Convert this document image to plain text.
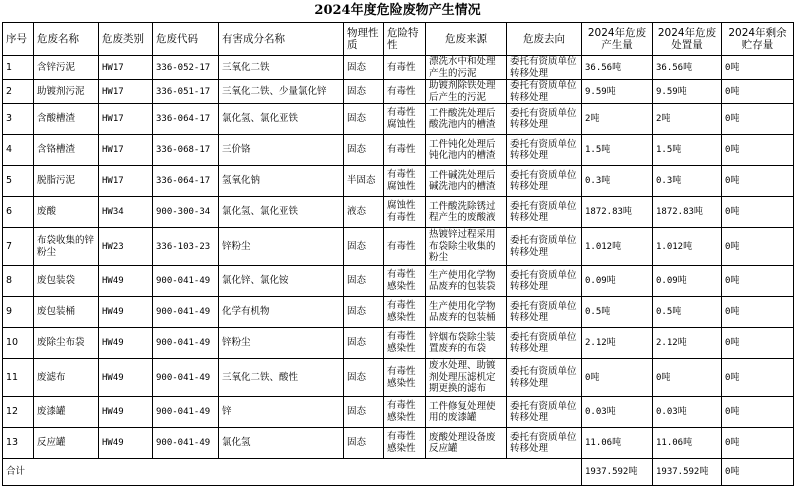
2024年度危险废物产生情况
序号	危废名称	危废类别	危废代码	有害成分名称	物理性质	危险特性	危废来源	危废去向	2024年危废产生量	2024年危废处置量	2024年剩余贮存量
1	含锌污泥	HW17	336-052-17	三氧化二铁	固态	有毒性	漂洗水中和处理产生的污泥	委托有资质单位转移处理	36.56吨	36.56吨	0吨
2	助镀剂污泥	HW17	336-051-17	三氧化二铁、少量氯化锌	固态	有毒性	助镀剂除铁处理后产生的污泥	委托有资质单位转移处理	9.59吨	9.59吨	0吨
3	含酸槽渣	HW17	336-064-17	氯化氢、氯化亚铁	固态	有毒性 腐蚀性	工件酸洗处理后酸洗池内的槽渣	委托有资质单位转移处理	2吨	2吨	0吨
4	含铬槽渣	HW17	336-068-17	三价铬	固态	有毒性	工件钝化处理后钝化池内的槽渣	委托有资质单位转移处理	1.5吨	1.5吨	0吨
5	脱脂污泥	HW17	336-064-17	氢氧化钠	半固态	有毒性 腐蚀性	工件碱洗处理后碱洗池内的槽渣	委托有资质单位转移处理	0.3吨	0.3吨	0吨
6	废酸	HW34	900-300-34	氯化氢、氯化亚铁	液态	腐蚀性 有毒性	工件酸洗除锈过程产生的废酸液	委托有资质单位转移处理	1872.83吨	1872.83吨	0吨
7	布袋收集的锌粉尘	HW23	336-103-23	锌粉尘	固态	有毒性	热镀锌过程采用布袋除尘收集的粉尘	委托有资质单位转移处理	1.012吨	1.012吨	0吨
8	废包装袋	HW49	900-041-49	氯化锌、氯化铵	固态	有毒性 感染性	生产使用化学物品废弃的包装袋	委托有资质单位转移处理	0.09吨	0.09吨	0吨
9	废包装桶	HW49	900-041-49	化学有机物	固态	有毒性 感染性	生产使用化学物品废弃的包装桶	委托有资质单位转移处理	0.5吨	0.5吨	0吨
10	废除尘布袋	HW49	900-041-49	锌粉尘	固态	有毒性 感染性	锌烟布袋除尘装置废弃的布袋	委托有资质单位转移处理	2.12吨	2.12吨	0吨
11	废滤布	HW49	900-041-49	三氧化二铁、酸性	固态	有毒性 感染性	废水处理、助镀剂处理压滤机定期更换的滤布	委托有资质单位转移处理	0吨	0吨	0吨
12	废漆罐	HW49	900-041-49	锌	固态	有毒性 感染性	工件修复处理使用的废漆罐	委托有资质单位转移处理	0.03吨	0.03吨	0吨
13	反应罐	HW49	900-041-49	氯化氢	固态	有毒性 感染性	废酸处理设备废反应罐	委托有资质单位转移处理	11.06吨	11.06吨	0吨
合计									1937.592吨	1937.592吨	0吨
